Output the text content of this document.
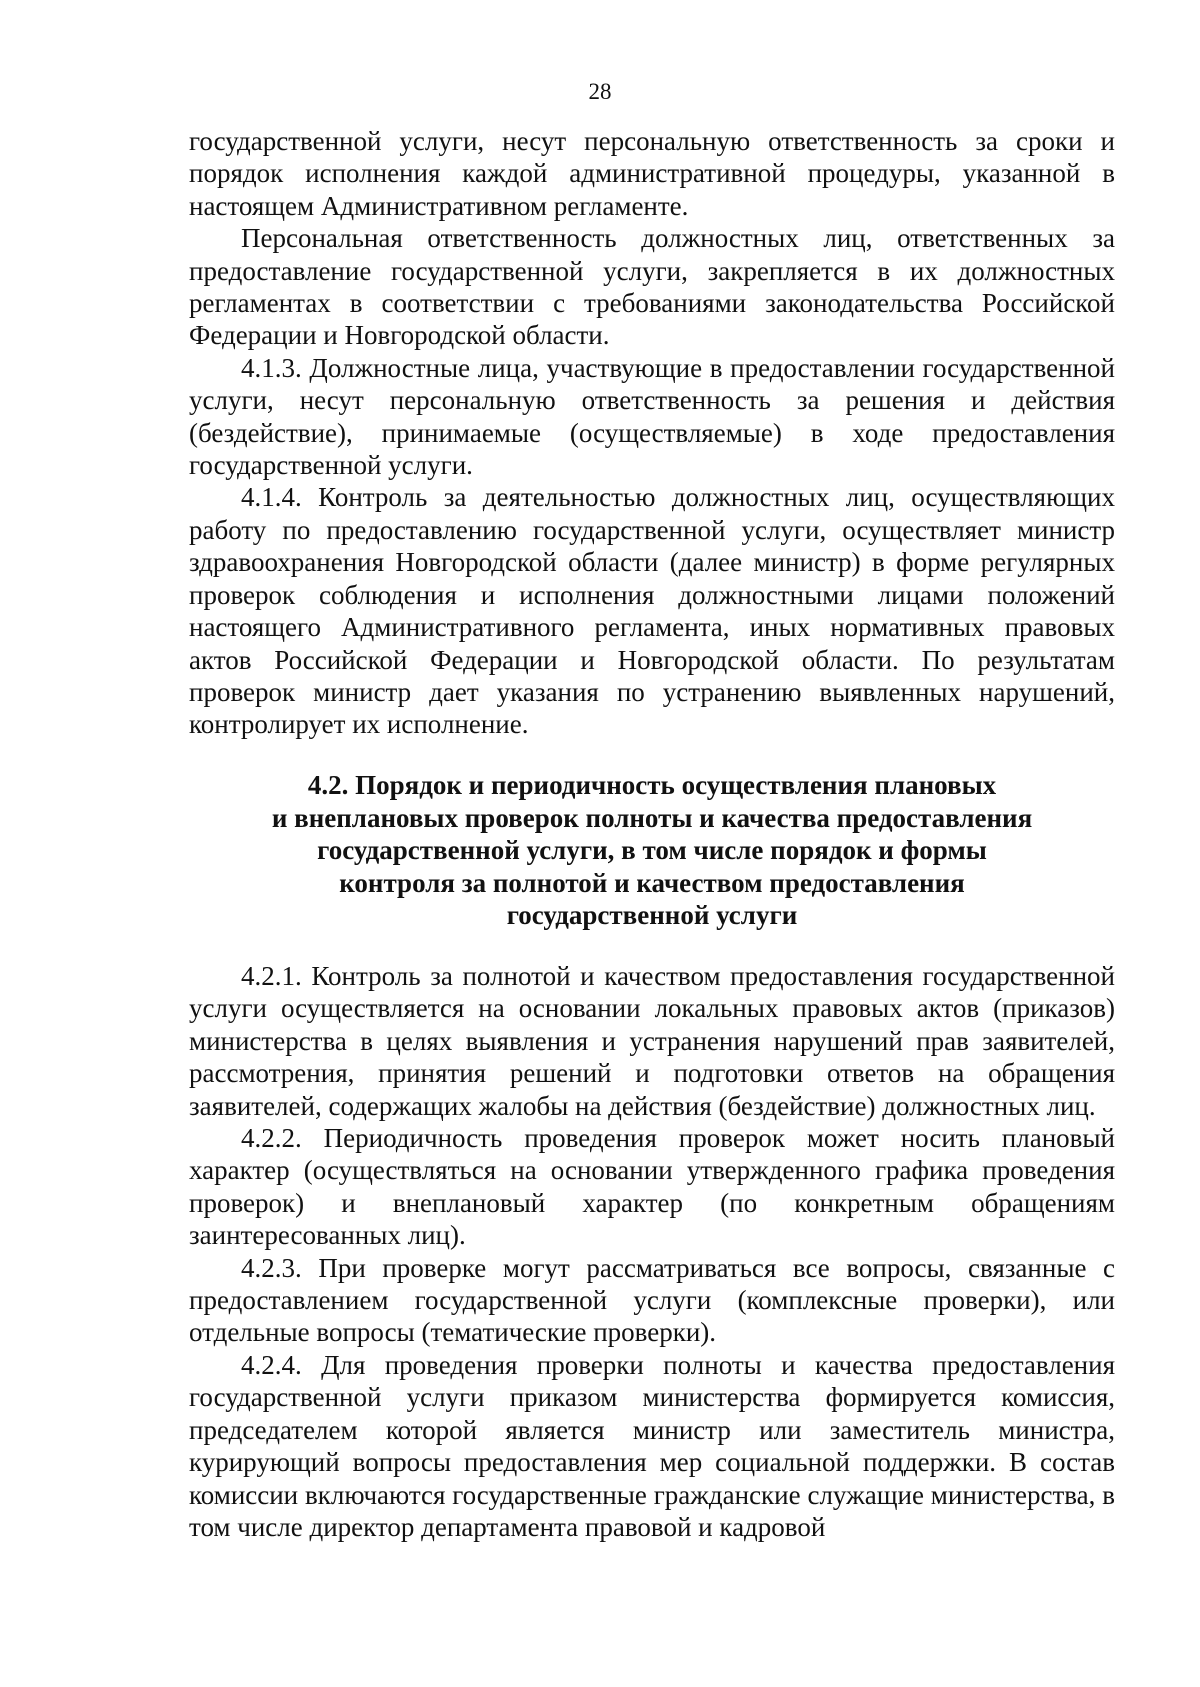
28

государственной услуги, несут персональную ответственность за сроки и порядок исполнения каждой административной процедуры, указанной в настоящем Административном регламенте.

Персональная ответственность должностных лиц, ответственных за предоставление государственной услуги, закрепляется в их должностных регламентах в соответствии с требованиями законодательства Российской Федерации и Новгородской области.

4.1.3. Должностные лица, участвующие в предоставлении государственной услуги, несут персональную ответственность за решения и действия (бездействие), принимаемые (осуществляемые) в ходе предоставления государственной услуги.

4.1.4. Контроль за деятельностью должностных лиц, осуществляющих работу по предоставлению государственной услуги, осуществляет министр здравоохранения Новгородской области (далее министр) в форме регулярных проверок соблюдения и исполнения должностными лицами положений настоящего Административного регламента, иных нормативных правовых актов Российской Федерации и Новгородской области. По результатам проверок министр дает указания по устранению выявленных нарушений, контролирует их исполнение.

4.2. Порядок и периодичность осуществления плановых
и внеплановых проверок полноты и качества предоставления
государственной услуги, в том числе порядок и формы
контроля за полнотой и качеством предоставления
государственной услуги

4.2.1. Контроль за полнотой и качеством предоставления государственной услуги осуществляется на основании локальных правовых актов (приказов) министерства в целях выявления и устранения нарушений прав заявителей, рассмотрения, принятия решений и подготовки ответов на обращения заявителей, содержащих жалобы на действия (бездействие) должностных лиц.

4.2.2. Периодичность проведения проверок может носить плановый характер (осуществляться на основании утвержденного графика проведения проверок) и внеплановый характер (по конкретным обращениям заинтересованных лиц).

4.2.3. При проверке могут рассматриваться все вопросы, связанные с предоставлением государственной услуги (комплексные проверки), или отдельные вопросы (тематические проверки).

4.2.4. Для проведения проверки полноты и качества предоставления государственной услуги приказом министерства формируется комиссия, председателем которой является министр или заместитель министра, курирующий вопросы предоставления мер социальной поддержки. В состав комиссии включаются государственные гражданские служащие министерства, в том числе директор департамента правовой и кадровой
